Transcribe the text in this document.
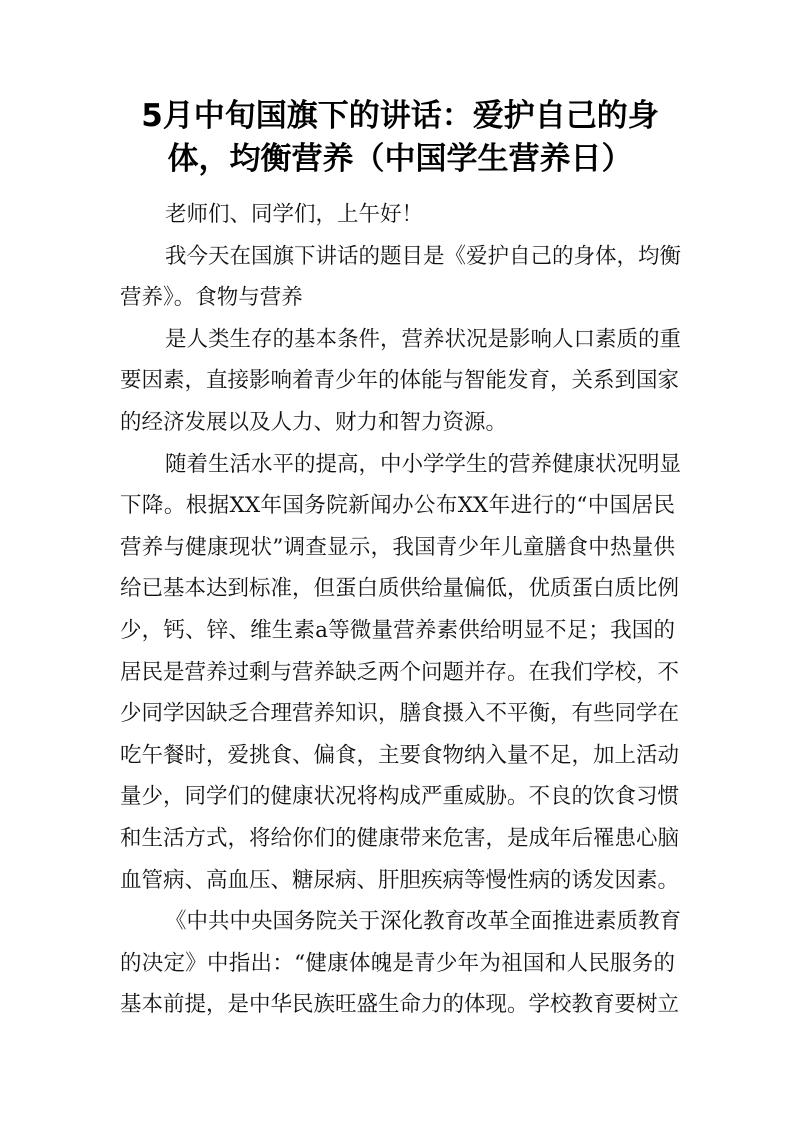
5月中旬国旗下的讲话：爱护自己的身
体，均衡营养（中国学生营养日）
老师们、同学们，上午好！
我今天在国旗下讲话的题目是《爱护自己的身体，均衡
营养》。食物与营养
是人类生存的基本条件，营养状况是影响人口素质的重
要因素，直接影响着青少年的体能与智能发育，关系到国家
的经济发展以及人力、财力和智力资源。
随着生活水平的提高，中小学学生的营养健康状况明显
下降。根据XX年国务院新闻办公布XX年进行的“中国居民
营养与健康现状”调查显示，我国青少年儿童膳食中热量供
给已基本达到标准，但蛋白质供给量偏低，优质蛋白质比例
少，钙、锌、维生素a等微量营养素供给明显不足；我国的
居民是营养过剩与营养缺乏两个问题并存。在我们学校，不
少同学因缺乏合理营养知识，膳食摄入不平衡，有些同学在
吃午餐时，爱挑食、偏食，主要食物纳入量不足，加上活动
量少，同学们的健康状况将构成严重威胁。不良的饮食习惯
和生活方式，将给你们的健康带来危害，是成年后罹患心脑
血管病、高血压、糖尿病、肝胆疾病等慢性病的诱发因素。
《中共中央国务院关于深化教育改革全面推进素质教育
的决定》中指出：“健康体魄是青少年为祖国和人民服务的
基本前提，是中华民族旺盛生命力的体现。学校教育要树立
